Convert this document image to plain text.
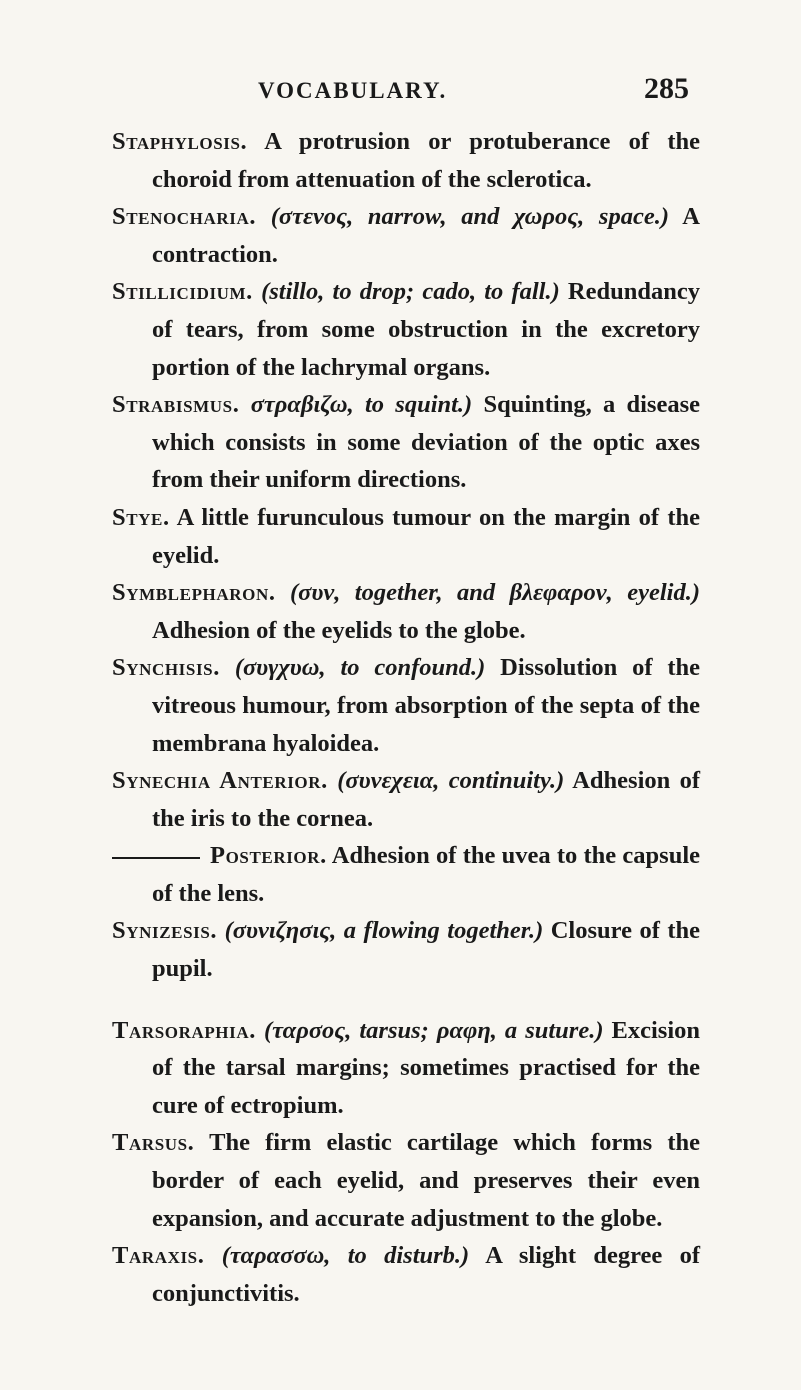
VOCABULARY.	285

Staphylosis. A protrusion or protuberance of the choroid from attenuation of the sclerotica.

Stenocharia. (στενος, narrow, and χωρος, space.) A contraction.

Stillicidium. (stillo, to drop; cado, to fall.) Redundancy of tears, from some obstruction in the excretory portion of the lachrymal organs.

Strabismus. στραβιζω, to squint.) Squinting, a disease which consists in some deviation of the optic axes from their uniform directions.

Stye. A little furunculous tumour on the margin of the eyelid.

Symblepharon. (συν, together, and βλεφαρον, eyelid.) Adhesion of the eyelids to the globe.

Synchisis. (συγχυω, to confound.) Dissolution of the vitreous humour, from absorption of the septa of the membrana hyaloidea.

Synechia Anterior. (συνεχεια, continuity.) Adhesion of the iris to the cornea.

Posterior. Adhesion of the uvea to the capsule of the lens.

Synizesis. (συνιζησις, a flowing together.) Closure of the pupil.

Tarsoraphia. (ταρσος, tarsus; ραφη, a suture.) Excision of the tarsal margins; sometimes practised for the cure of ectropium.

Tarsus. The firm elastic cartilage which forms the border of each eyelid, and preserves their even expansion, and accurate adjustment to the globe.

Taraxis. (ταρασσω, to disturb.) A slight degree of conjunctivitis.
